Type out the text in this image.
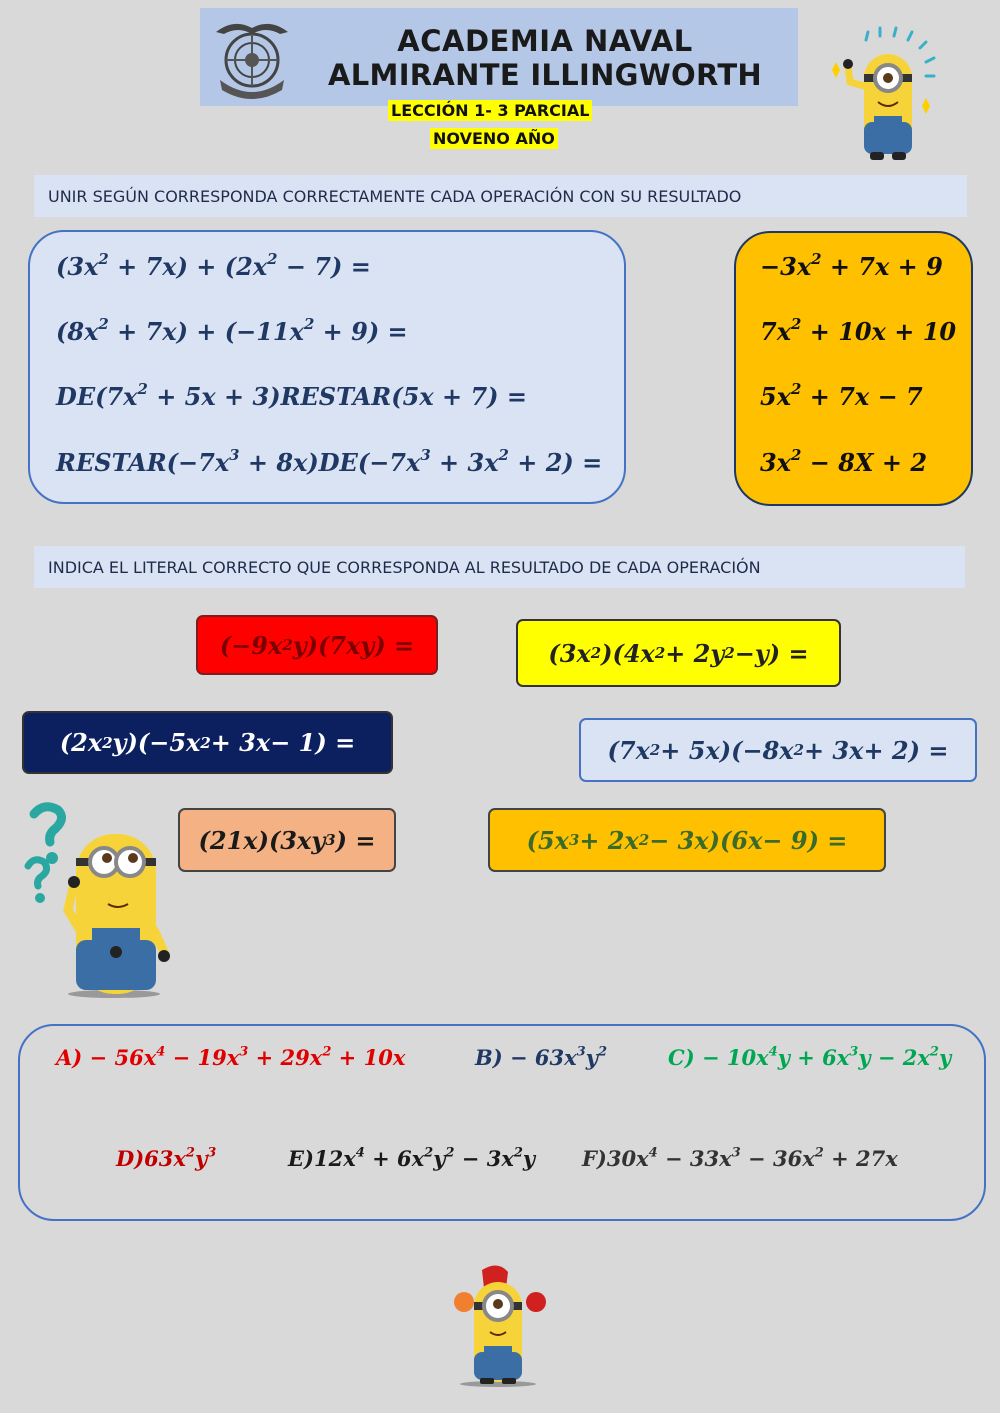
ACADEMIA NAVAL
ALMIRANTE ILLINGWORTH
LECCIÓN 1- 3 PARCIAL
NOVENO AÑO
UNIR SEGÚN CORRESPONDA CORRECTAMENTE CADA OPERACIÓN CON SU RESULTADO
$(3x^2 + 7x) + (2x^2 - 7)$ =
$(8x^2 + 7x) + (-11x^2 + 9)$ =
$DE(7x^2 + 5x$ + 3)RESTAR(5x + 7) =
$RESTAR(-7x^3 + 8x)DE(-7x^3 + 3x^2 + 2)$ =
$-3x^2 + 7x + 9$
$7x^2 + 10x + 10$
$5x^2 + 7x - 7$
$3x^2 - 8X + 2$
INDICA EL LITERAL CORRECTO QUE CORRESPONDA AL RESULTADO DE CADA OPERACIÓN
(−9 x 2 y )(7 xy ) =	(3 x 2 )(4 x 2 + 2 y 2 − y ) =
(2 x 2 y )(−5 x 2 + 3 x − 1) =	(7 x 2 + 5 x )(−8 x 2 + 3 x + 2) =
(21 x )(3 xy 3 ) =	(5 x 3 + 2 x 2 − 3 x )(6 x − 9) =
$A) - 56x^4 - 19x^3 + 29x^2 + 10x$	$B) - 63x^3y^2$	$C) - 10x^4y + 6x^3y - 2x^2y$
$D)63x^2y^3$	$E)12x^4 + 6x^2y^2 - 3x^2y$ $F)30x^4 - 33x^3 - 36x^2 + 27x$
